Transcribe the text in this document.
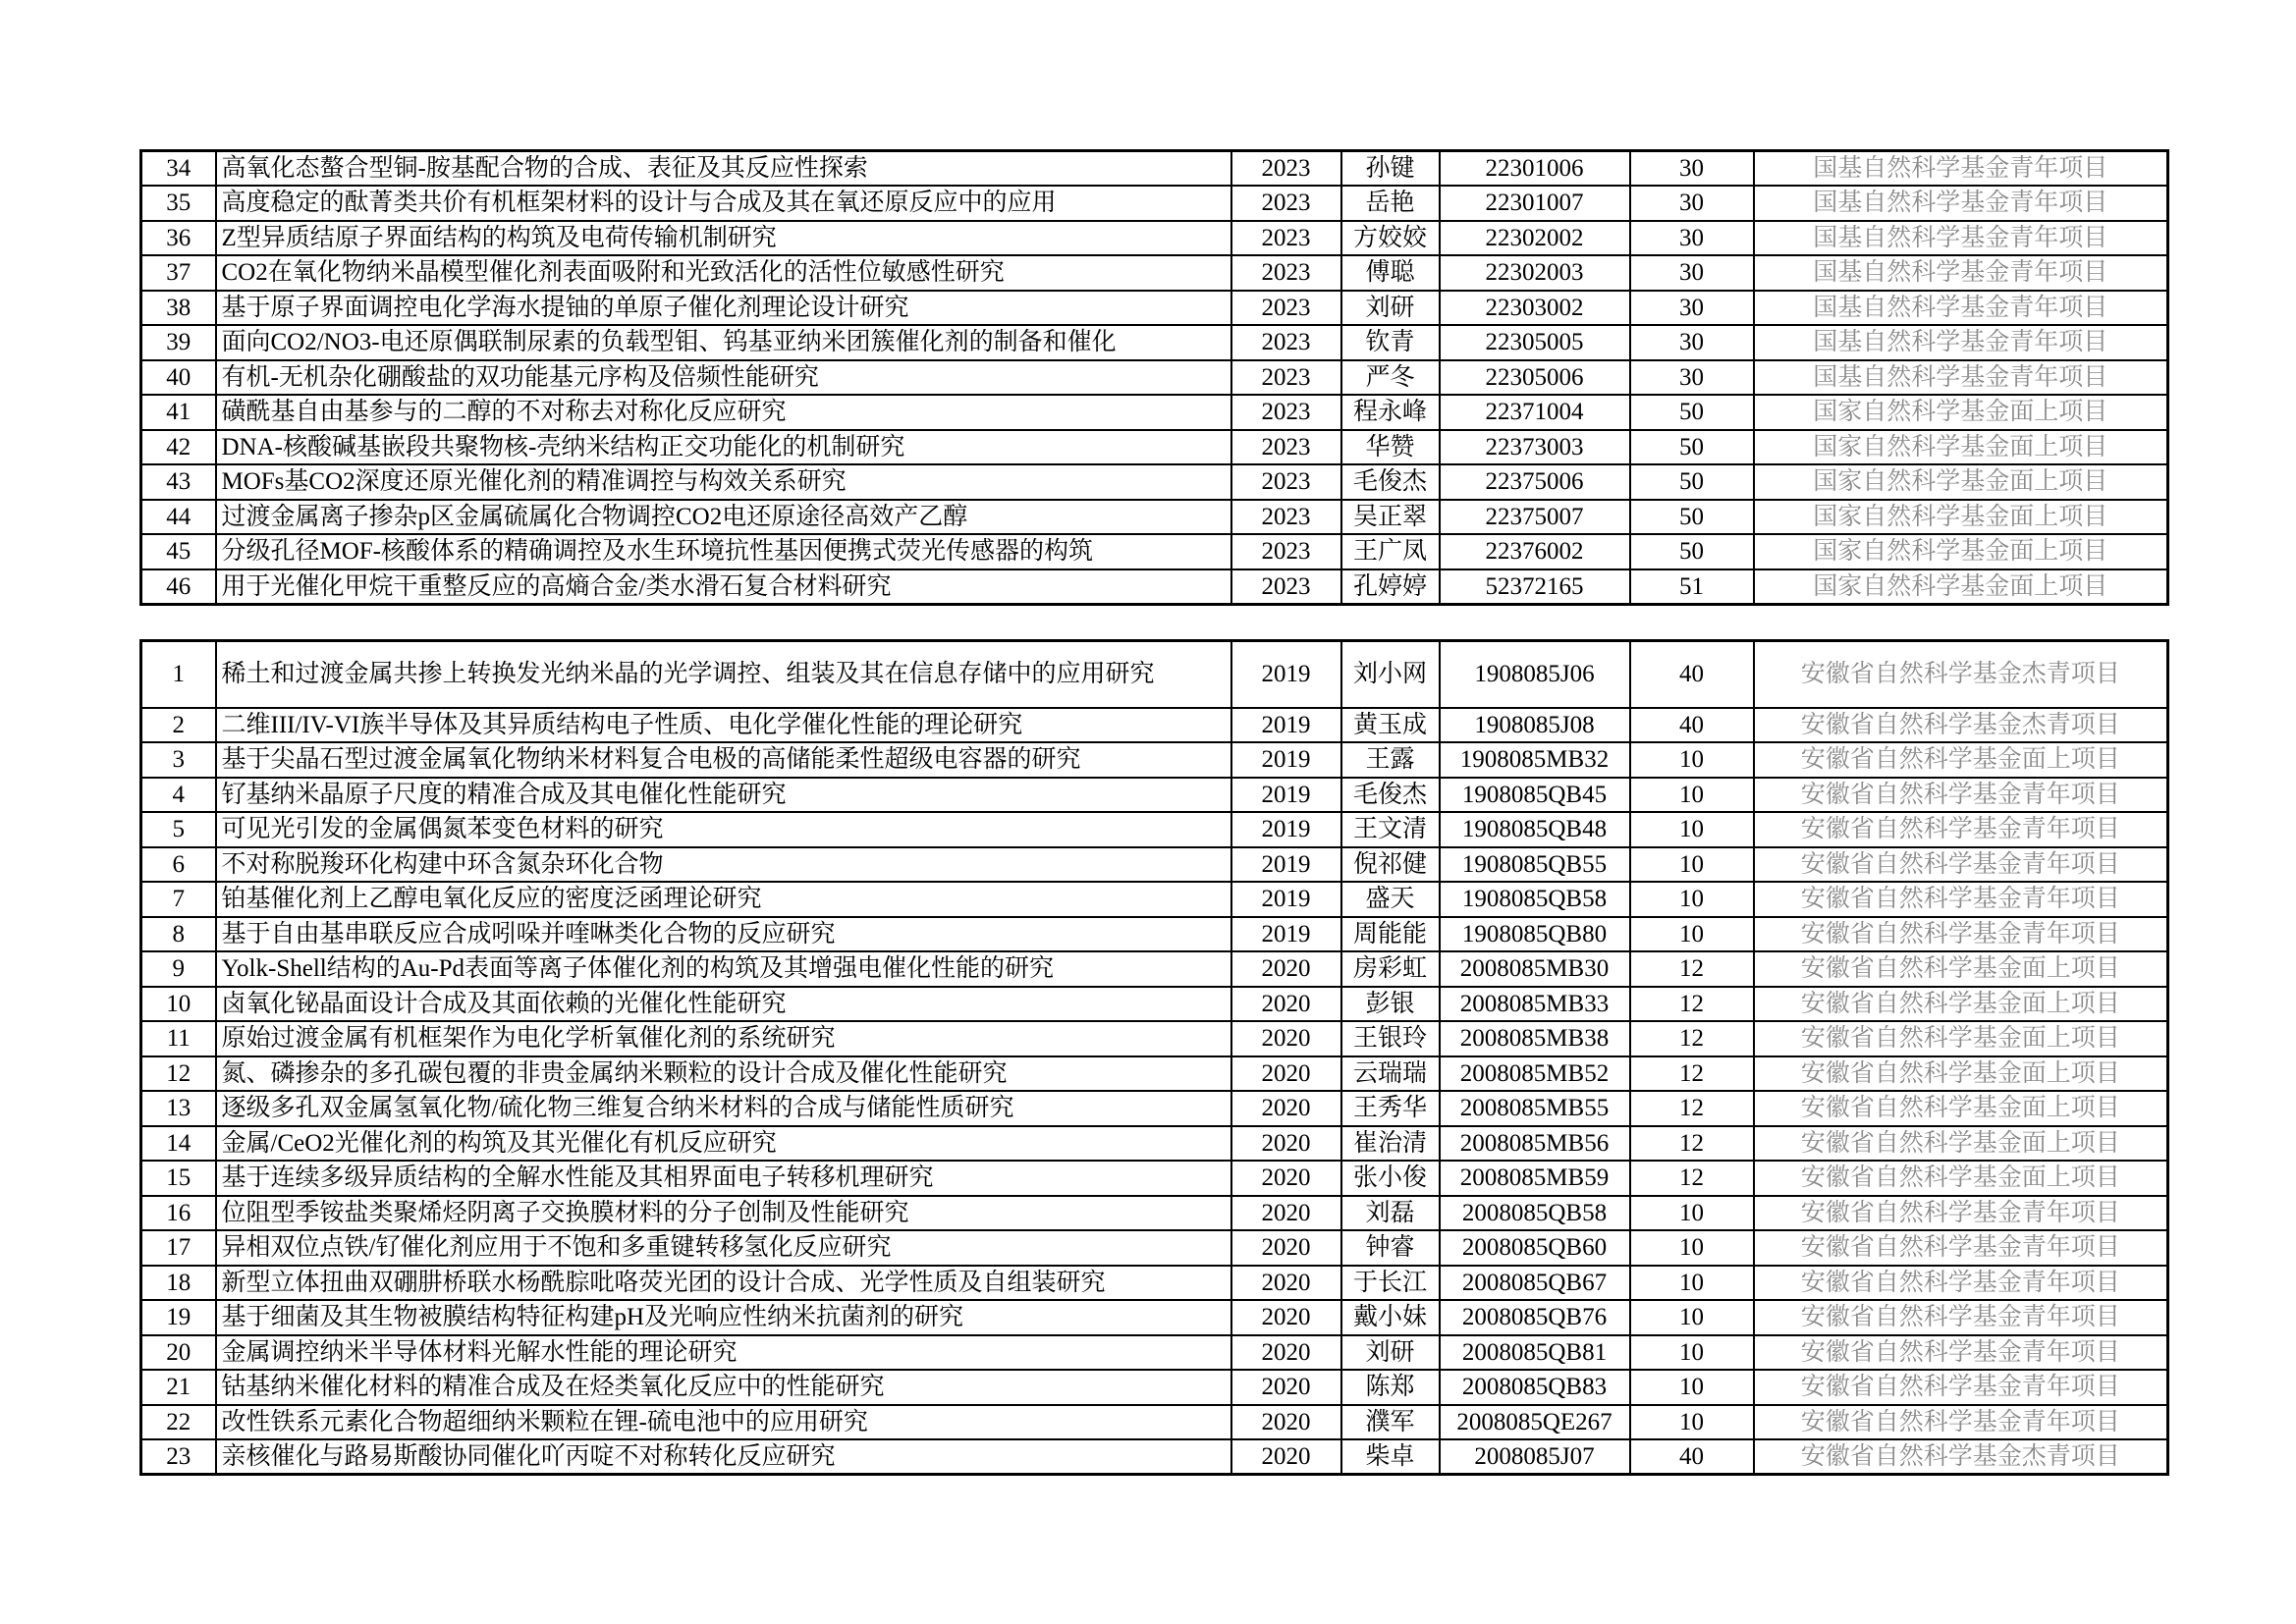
34	高氧化态螯合型铜-胺基配合物的合成、表征及其反应性探索	2023	孙键	22301006	30	国基自然科学基金青年项目
35	高度稳定的酞菁类共价有机框架材料的设计与合成及其在氧还原反应中的应用	2023	岳艳	22301007	30	国基自然科学基金青年项目
36	Z型异质结原子界面结构的构筑及电荷传输机制研究	2023	方姣姣	22302002	30	国基自然科学基金青年项目
37	CO2在氧化物纳米晶模型催化剂表面吸附和光致活化的活性位敏感性研究	2023	傅聪	22302003	30	国基自然科学基金青年项目
38	基于原子界面调控电化学海水提铀的单原子催化剂理论设计研究	2023	刘研	22303002	30	国基自然科学基金青年项目
39	面向CO2/NO3-电还原偶联制尿素的负载型钼、钨基亚纳米团簇催化剂的制备和催化	2023	钦青	22305005	30	国基自然科学基金青年项目
40	有机-无机杂化硼酸盐的双功能基元序构及倍频性能研究	2023	严冬	22305006	30	国基自然科学基金青年项目
41	磺酰基自由基参与的二醇的不对称去对称化反应研究	2023	程永峰	22371004	50	国家自然科学基金面上项目
42	DNA-核酸碱基嵌段共聚物核-壳纳米结构正交功能化的机制研究	2023	华赞	22373003	50	国家自然科学基金面上项目
43	MOFs基CO2深度还原光催化剂的精准调控与构效关系研究	2023	毛俊杰	22375006	50	国家自然科学基金面上项目
44	过渡金属离子掺杂p区金属硫属化合物调控CO2电还原途径高效产乙醇	2023	吴正翠	22375007	50	国家自然科学基金面上项目
45	分级孔径MOF-核酸体系的精确调控及水生环境抗性基因便携式荧光传感器的构筑	2023	王广凤	22376002	50	国家自然科学基金面上项目
46	用于光催化甲烷干重整反应的高熵合金/类水滑石复合材料研究	2023	孔婷婷	52372165	51	国家自然科学基金面上项目
1	稀土和过渡金属共掺上转换发光纳米晶的光学调控、组装及其在信息存储中的应用研究	2019	刘小网	1908085J06	40	安徽省自然科学基金杰青项目
2	二维III/IV-VI族半导体及其异质结构电子性质、电化学催化性能的理论研究	2019	黄玉成	1908085J08	40	安徽省自然科学基金杰青项目
3	基于尖晶石型过渡金属氧化物纳米材料复合电极的高储能柔性超级电容器的研究	2019	王露	1908085MB32	10	安徽省自然科学基金面上项目
4	钌基纳米晶原子尺度的精准合成及其电催化性能研究	2019	毛俊杰	1908085QB45	10	安徽省自然科学基金青年项目
5	可见光引发的金属偶氮苯变色材料的研究	2019	王文清	1908085QB48	10	安徽省自然科学基金青年项目
6	不对称脱羧环化构建中环含氮杂环化合物	2019	倪祁健	1908085QB55	10	安徽省自然科学基金青年项目
7	铂基催化剂上乙醇电氧化反应的密度泛函理论研究	2019	盛天	1908085QB58	10	安徽省自然科学基金青年项目
8	基于自由基串联反应合成吲哚并喹啉类化合物的反应研究	2019	周能能	1908085QB80	10	安徽省自然科学基金青年项目
9	Yolk-Shell结构的Au-Pd表面等离子体催化剂的构筑及其增强电催化性能的研究	2020	房彩虹	2008085MB30	12	安徽省自然科学基金面上项目
10	卤氧化铋晶面设计合成及其面依赖的光催化性能研究	2020	彭银	2008085MB33	12	安徽省自然科学基金面上项目
11	原始过渡金属有机框架作为电化学析氧催化剂的系统研究	2020	王银玲	2008085MB38	12	安徽省自然科学基金面上项目
12	氮、磷掺杂的多孔碳包覆的非贵金属纳米颗粒的设计合成及催化性能研究	2020	云瑞瑞	2008085MB52	12	安徽省自然科学基金面上项目
13	逐级多孔双金属氢氧化物/硫化物三维复合纳米材料的合成与储能性质研究	2020	王秀华	2008085MB55	12	安徽省自然科学基金面上项目
14	金属/CeO2光催化剂的构筑及其光催化有机反应研究	2020	崔治清	2008085MB56	12	安徽省自然科学基金面上项目
15	基于连续多级异质结构的全解水性能及其相界面电子转移机理研究	2020	张小俊	2008085MB59	12	安徽省自然科学基金面上项目
16	位阻型季铵盐类聚烯烃阴离子交换膜材料的分子创制及性能研究	2020	刘磊	2008085QB58	10	安徽省自然科学基金青年项目
17	异相双位点铁/钌催化剂应用于不饱和多重键转移氢化反应研究	2020	钟睿	2008085QB60	10	安徽省自然科学基金青年项目
18	新型立体扭曲双硼肼桥联水杨酰腙吡咯荧光团的设计合成、光学性质及自组装研究	2020	于长江	2008085QB67	10	安徽省自然科学基金青年项目
19	基于细菌及其生物被膜结构特征构建pH及光响应性纳米抗菌剂的研究	2020	戴小妹	2008085QB76	10	安徽省自然科学基金青年项目
20	金属调控纳米半导体材料光解水性能的理论研究	2020	刘研	2008085QB81	10	安徽省自然科学基金青年项目
21	钴基纳米催化材料的精准合成及在烃类氧化反应中的性能研究	2020	陈郑	2008085QB83	10	安徽省自然科学基金青年项目
22	改性铁系元素化合物超细纳米颗粒在锂-硫电池中的应用研究	2020	濮军	2008085QE267	10	安徽省自然科学基金青年项目
23	亲核催化与路易斯酸协同催化吖丙啶不对称转化反应研究	2020	柴卓	2008085J07	40	安徽省自然科学基金杰青项目
